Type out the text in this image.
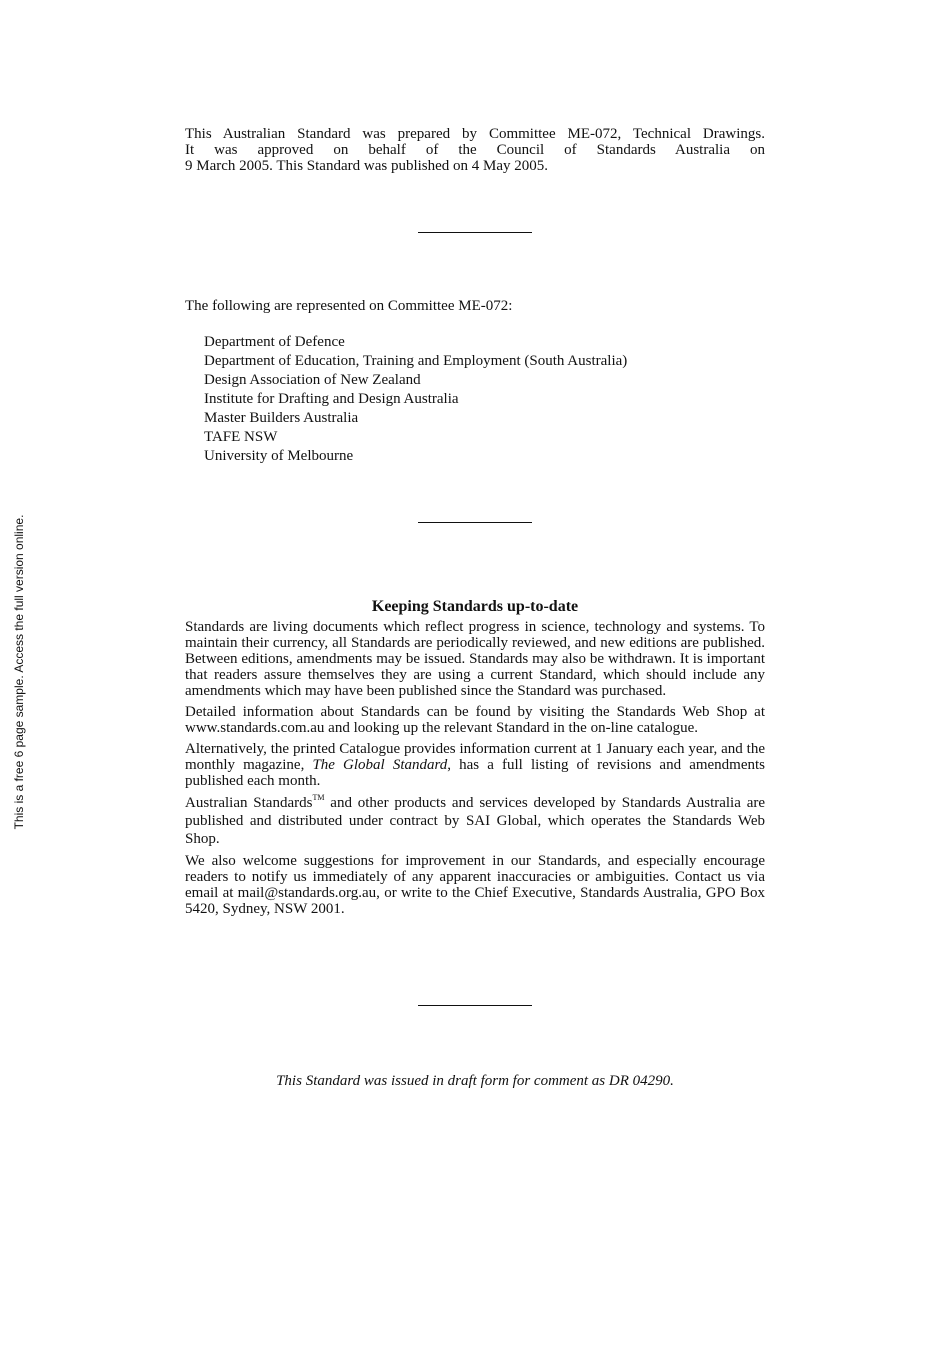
This is a free 6 page sample. Access the full version online.
This Australian Standard was prepared by Committee ME-072, Technical Drawings.
It was approved on behalf of the Council of Standards Australia on
9 March 2005. This Standard was published on 4 May 2005.

The following are represented on Committee ME-072:

Department of Defence
Department of Education, Training and Employment (South Australia)
Design Association of New Zealand
Institute for Drafting and Design Australia
Master Builders Australia
TAFE NSW
University of Melbourne
Keeping Standards up-to-date

Standards are living documents which reflect progress in science, technology and systems. To maintain their currency, all Standards are periodically reviewed, and new editions are published. Between editions, amendments may be issued. Standards may also be withdrawn. It is important that readers assure themselves they are using a current Standard, which should include any amendments which may have been published since the Standard was purchased.

Detailed information about Standards can be found by visiting the Standards Web Shop at www.standards.com.au and looking up the relevant Standard in the on-line catalogue.

Alternatively, the printed Catalogue provides information current at 1 January each year, and the monthly magazine, The Global Standard, has a full listing of revisions and amendments published each month.

Australian Standards™ and other products and services developed by Standards Australia are published and distributed under contract by SAI Global, which operates the Standards Web Shop.

We also welcome suggestions for improvement in our Standards, and especially encourage readers to notify us immediately of any apparent inaccuracies or ambiguities. Contact us via email at mail@standards.org.au, or write to the Chief Executive, Standards Australia, GPO Box 5420, Sydney, NSW 2001.

This Standard was issued in draft form for comment as DR 04290.
